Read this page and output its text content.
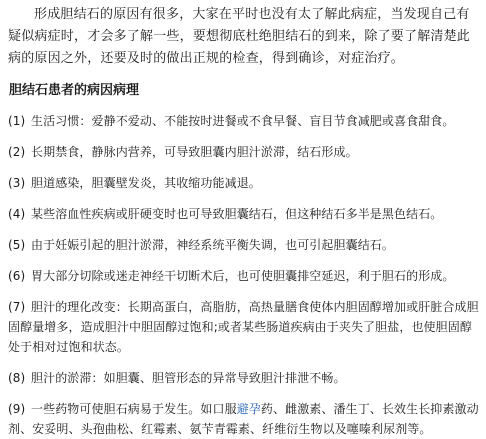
形成胆结石的原因有很多，大家在平时也没有太了解此病症，当发现自己有疑似病症时，才会多了解一些，要想彻底杜绝胆结石的到来，除了要了解清楚此病的原因之外，还要及时的做出正规的检查，得到确诊，对症治疗。

胆结石患者的病因病理
(1) 生活习惯：爱静不爱动、不能按时进餐或不食早餐、盲目节食减肥或喜食甜食。
(2) 长期禁食，静脉内营养，可导致胆囊内胆汁淤滞，结石形成。
(3) 胆道感染，胆囊壁发炎，其收缩功能减退。
(4) 某些溶血性疾病或肝硬变时也可导致胆囊结石，但这种结石多半是黑色结石。
(5) 由于妊娠引起的胆汁淤滞，神经系统平衡失调，也可引起胆囊结石。
(6) 胃大部分切除或迷走神经干切断术后，也可使胆囊排空延迟，利于胆石的形成。
(7) 胆汁的理化改变：长期高蛋白，高脂肪，高热量膳食使体内胆固醇增加或肝脏合成胆固醇量增多，造成胆汁中胆固醇过饱和;或者某些肠道疾病由于夹失了胆盐，也使胆固醇处于相对过饱和状态。
(8) 胆汁的淤滞：如胆囊、胆管形态的异常导致胆汁排泄不畅。
(9) 一些药物可使胆石病易于发生。如口服避孕药、雌激素、潘生丁、长效生长抑素激动剂、安妥明、头孢曲松、红霉素、氨苄青霉素、纤维衍生物以及噻嗪利尿剂等。
